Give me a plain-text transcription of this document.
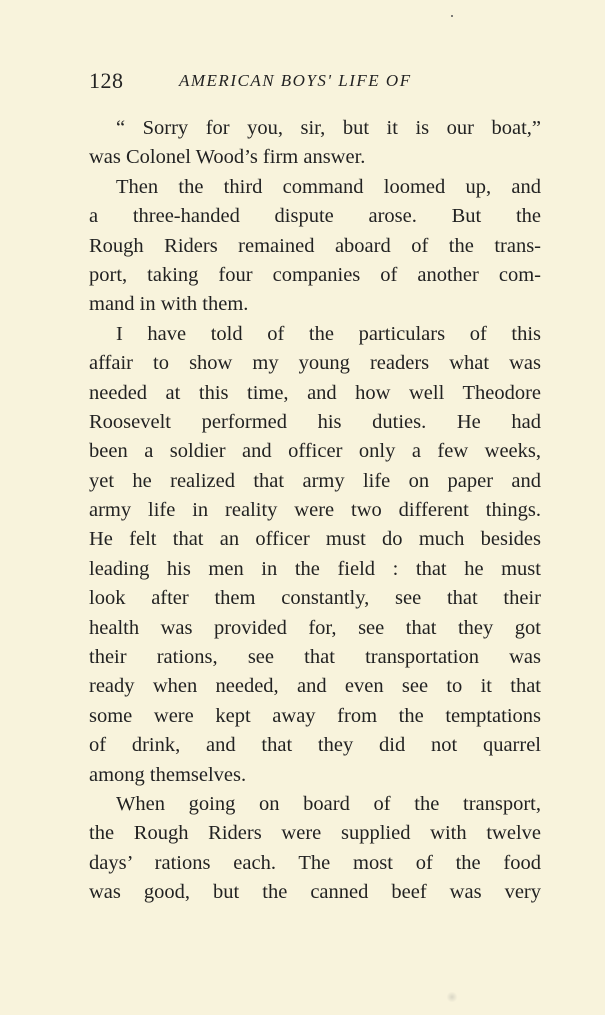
128	AMERICAN BOYS' LIFE OF
“ Sorry for you, sir, but it is our boat,”
was Colonel Wood’s firm answer.
Then the third command loomed up, and
a three-handed dispute arose. But the
Rough Riders remained aboard of the trans-
port, taking four companies of another com-
mand in with them.
I have told of the particulars of this
affair to show my young readers what was
needed at this time, and how well Theodore
Roosevelt performed his duties. He had
been a soldier and officer only a few weeks,
yet he realized that army life on paper and
army life in reality were two different things.
He felt that an officer must do much besides
leading his men in the field : that he must
look after them constantly, see that their
health was provided for, see that they got
their rations, see that transportation was
ready when needed, and even see to it that
some were kept away from the temptations
of drink, and that they did not quarrel
among themselves.
When going on board of the transport,
the Rough Riders were supplied with twelve
days’ rations each. The most of the food
was good, but the canned beef was very
